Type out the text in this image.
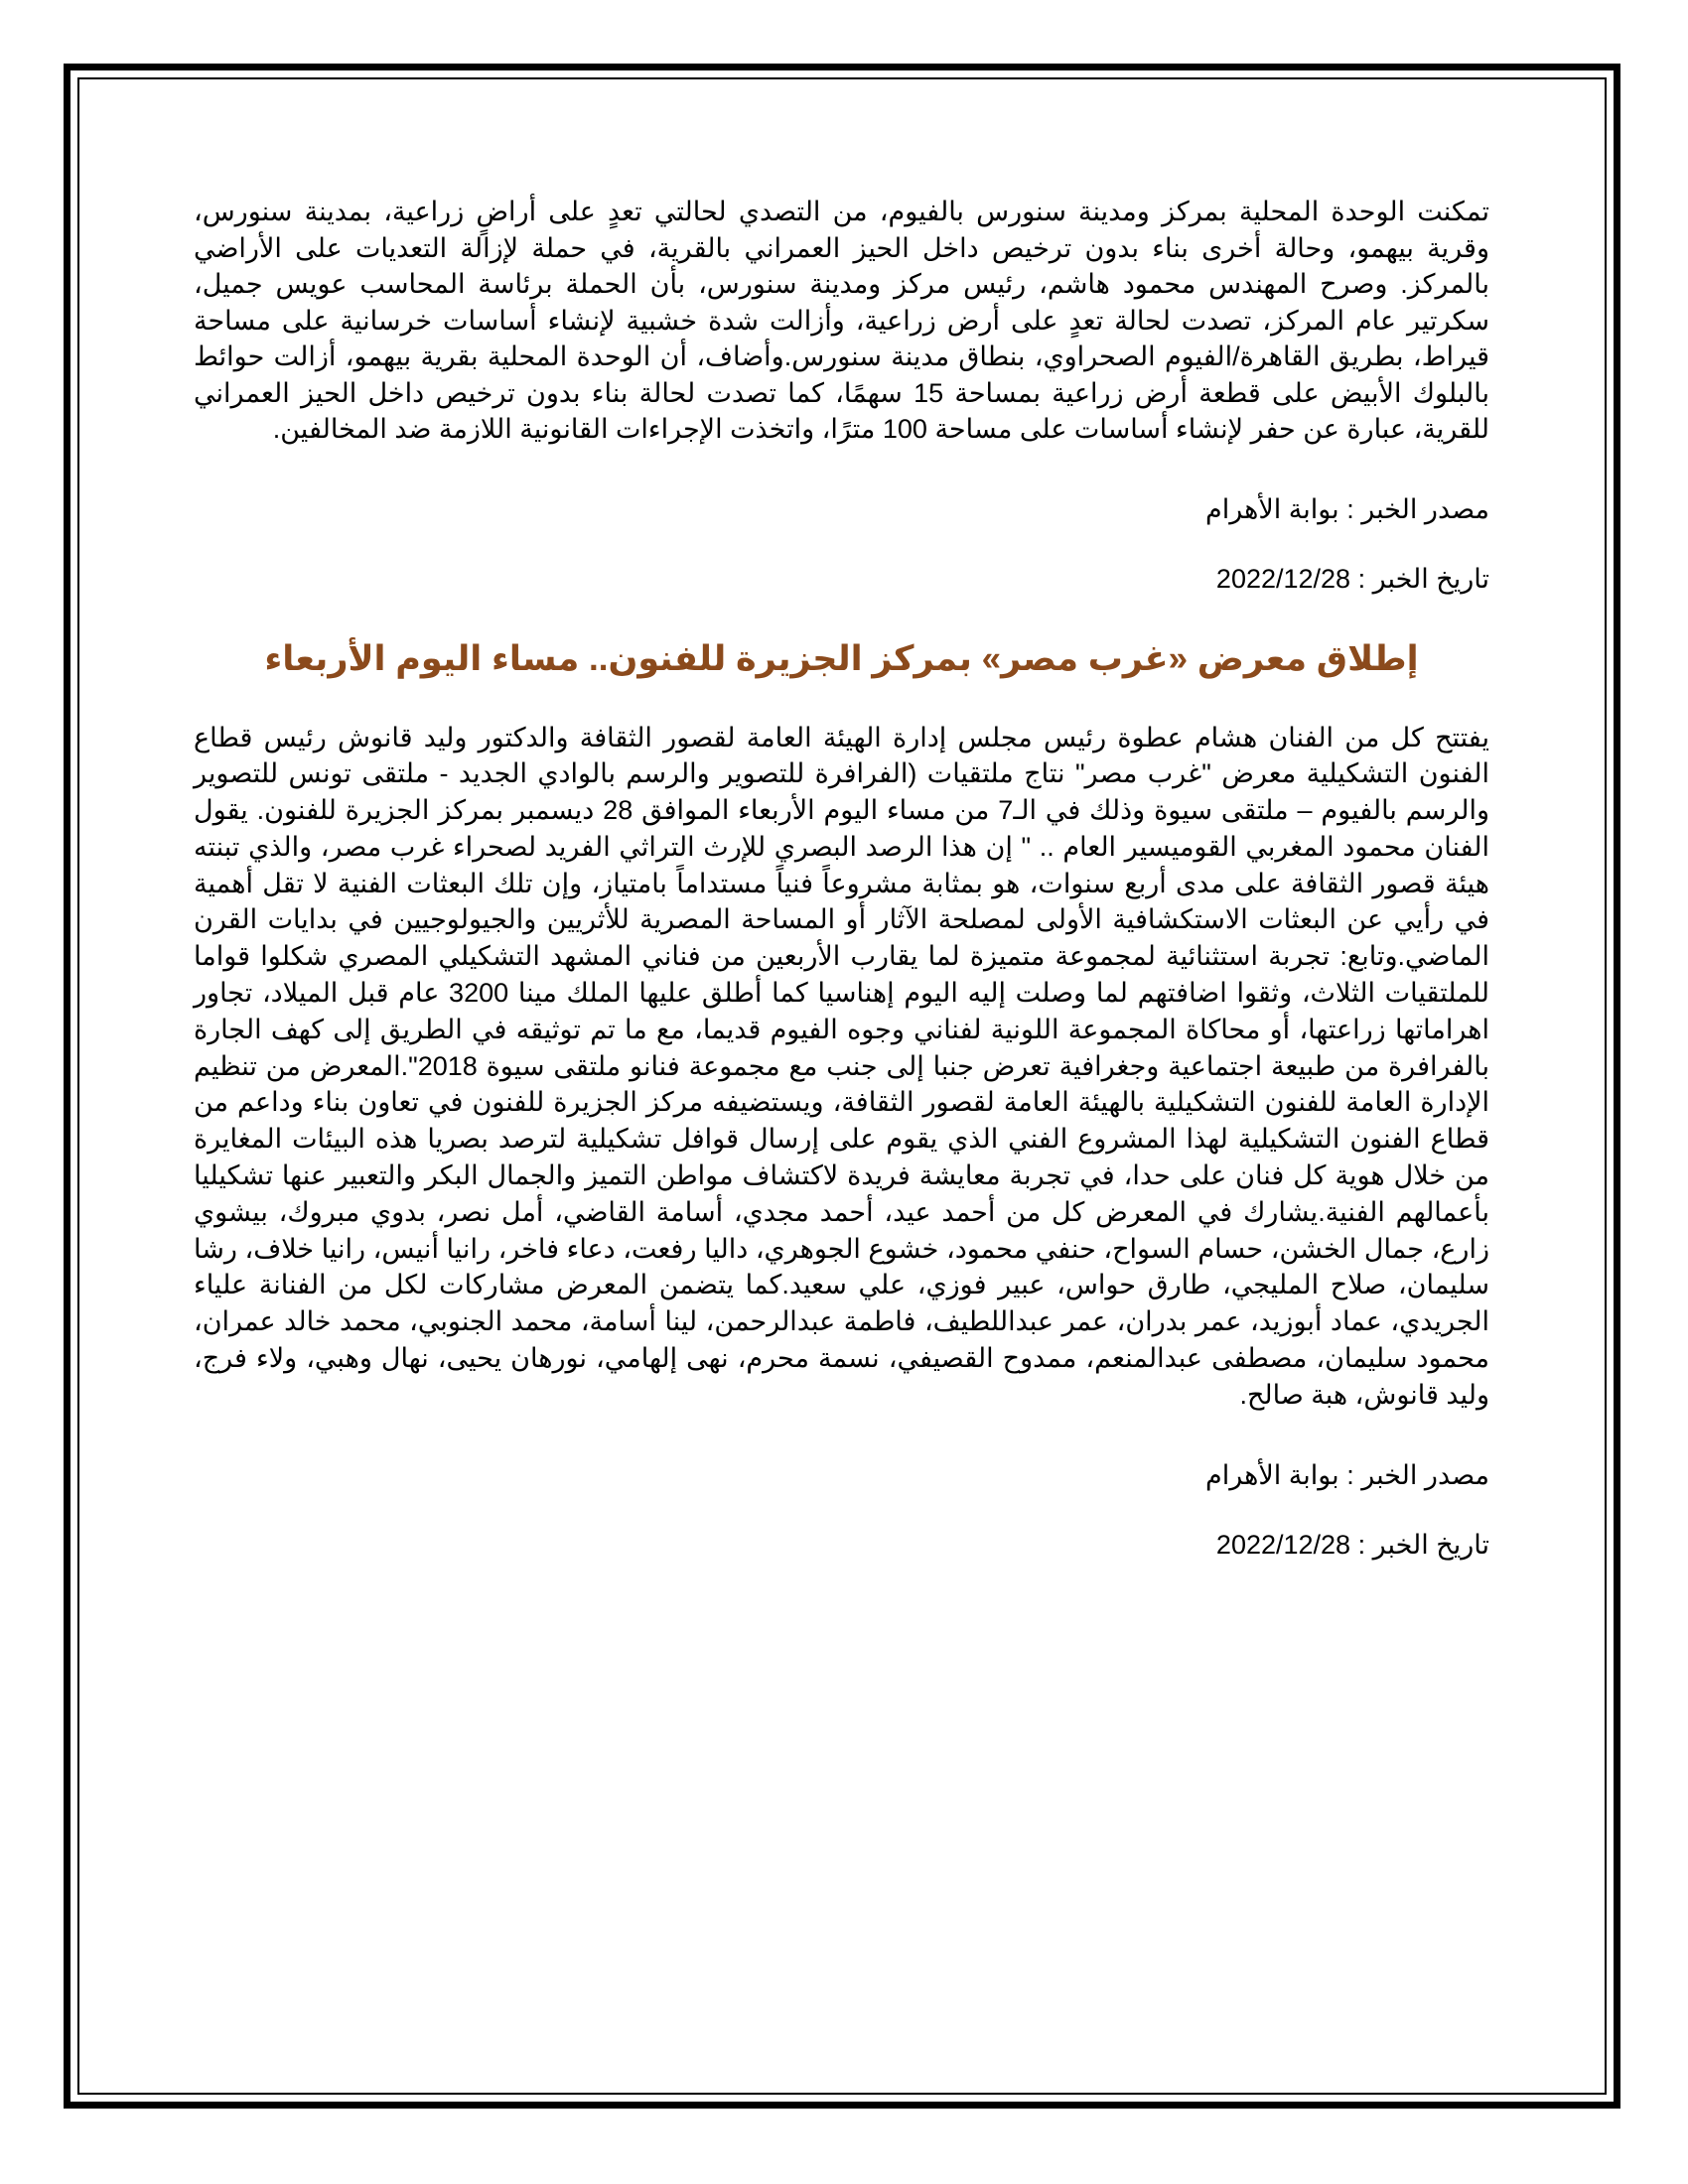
تمكنت الوحدة المحلية بمركز ومدينة سنورس بالفيوم، من التصدي لحالتي تعدٍ على أراضٍ زراعية، بمدينة سنورس، وقرية بيهمو، وحالة أخرى بناء بدون ترخيص داخل الحيز العمراني بالقرية، في حملة لإزالة التعديات على الأراضي بالمركز. وصرح المهندس محمود هاشم، رئيس مركز ومدينة سنورس، بأن الحملة برئاسة المحاسب عويس جميل، سكرتير عام المركز، تصدت لحالة تعدٍ على أرض زراعية، وأزالت شدة خشبية لإنشاء أساسات خرسانية على مساحة قيراط، بطريق القاهرة/الفيوم الصحراوي، بنطاق مدينة سنورس.وأضاف، أن الوحدة المحلية بقرية بيهمو، أزالت حوائط بالبلوك الأبيض على قطعة أرض زراعية بمساحة 15 سهمًا، كما تصدت لحالة بناء بدون ترخيص داخل الحيز العمراني للقرية، عبارة عن حفر لإنشاء أساسات على مساحة 100 مترًا، واتخذت الإجراءات القانونية اللازمة ضد المخالفين.

مصدر الخبر : بوابة الأهرام

تاريخ الخبر : 2022/12/28

إطلاق معرض «غرب مصر» بمركز الجزيرة للفنون.. مساء اليوم الأربعاء

يفتتح كل من الفنان هشام عطوة رئيس مجلس إدارة الهيئة العامة لقصور الثقافة والدكتور وليد قانوش رئيس قطاع الفنون التشكيلية معرض "غرب مصر" نتاج ملتقيات (الفرافرة للتصوير والرسم بالوادي الجديد - ملتقى تونس للتصوير والرسم بالفيوم – ملتقى سيوة وذلك في الـ7 من مساء اليوم الأربعاء الموافق 28 ديسمبر بمركز الجزيرة للفنون. يقول الفنان محمود المغربي القوميسير العام .. " إن هذا الرصد البصري للإرث التراثي الفريد لصحراء غرب مصر، والذي تبنته هيئة قصور الثقافة على مدى أربع سنوات، هو بمثابة مشروعاً فنياً مستداماً بامتياز، وإن تلك البعثات الفنية لا تقل أهمية في رأيي عن البعثات الاستكشافية الأولى لمصلحة الآثار أو المساحة المصرية للأثريين والجيولوجيين في بدايات القرن الماضي.وتابع: تجربة استثنائية لمجموعة متميزة لما يقارب الأربعين من فناني المشهد التشكيلي المصري شكلوا قواما للملتقيات الثلاث، وثقوا اضافتهم لما وصلت إليه اليوم إهناسيا كما أطلق عليها الملك مينا 3200 عام قبل الميلاد، تجاور اهراماتها زراعتها، أو محاكاة المجموعة اللونية لفناني وجوه الفيوم قديما، مع ما تم توثيقه في الطريق إلى كهف الجارة بالفرافرة من طبيعة اجتماعية وجغرافية تعرض جنبا إلى جنب مع مجموعة فنانو ملتقى سيوة 2018".المعرض من تنظيم الإدارة العامة للفنون التشكيلية بالهيئة العامة لقصور الثقافة، ويستضيفه مركز الجزيرة للفنون في تعاون بناء وداعم من قطاع الفنون التشكيلية لهذا المشروع الفني الذي يقوم على إرسال قوافل تشكيلية لترصد بصريا هذه البيئات المغايرة من خلال هوية كل فنان على حدا، في تجربة معايشة فريدة لاكتشاف مواطن التميز والجمال البكر والتعبير عنها تشكيليا بأعمالهم الفنية.يشارك في المعرض كل من أحمد عيد، أحمد مجدي، أسامة القاضي، أمل نصر، بدوي مبروك، بيشوي زارع، جمال الخشن، حسام السواح، حنفي محمود، خشوع الجوهري، داليا رفعت، دعاء فاخر، رانيا أنيس، رانيا خلاف، رشا سليمان، صلاح المليجي، طارق حواس، عبير فوزي، علي سعيد.كما يتضمن المعرض مشاركات لكل من الفنانة علياء الجريدي، عماد أبوزيد، عمر بدران، عمر عبداللطيف، فاطمة عبدالرحمن، لينا أسامة، محمد الجنوبي، محمد خالد عمران، محمود سليمان، مصطفى عبدالمنعم، ممدوح القصيفي، نسمة محرم، نهى إلهامي، نورهان يحيى، نهال وهبي، ولاء فرج، وليد قانوش، هبة صالح.

مصدر الخبر : بوابة الأهرام

تاريخ الخبر : 2022/12/28
